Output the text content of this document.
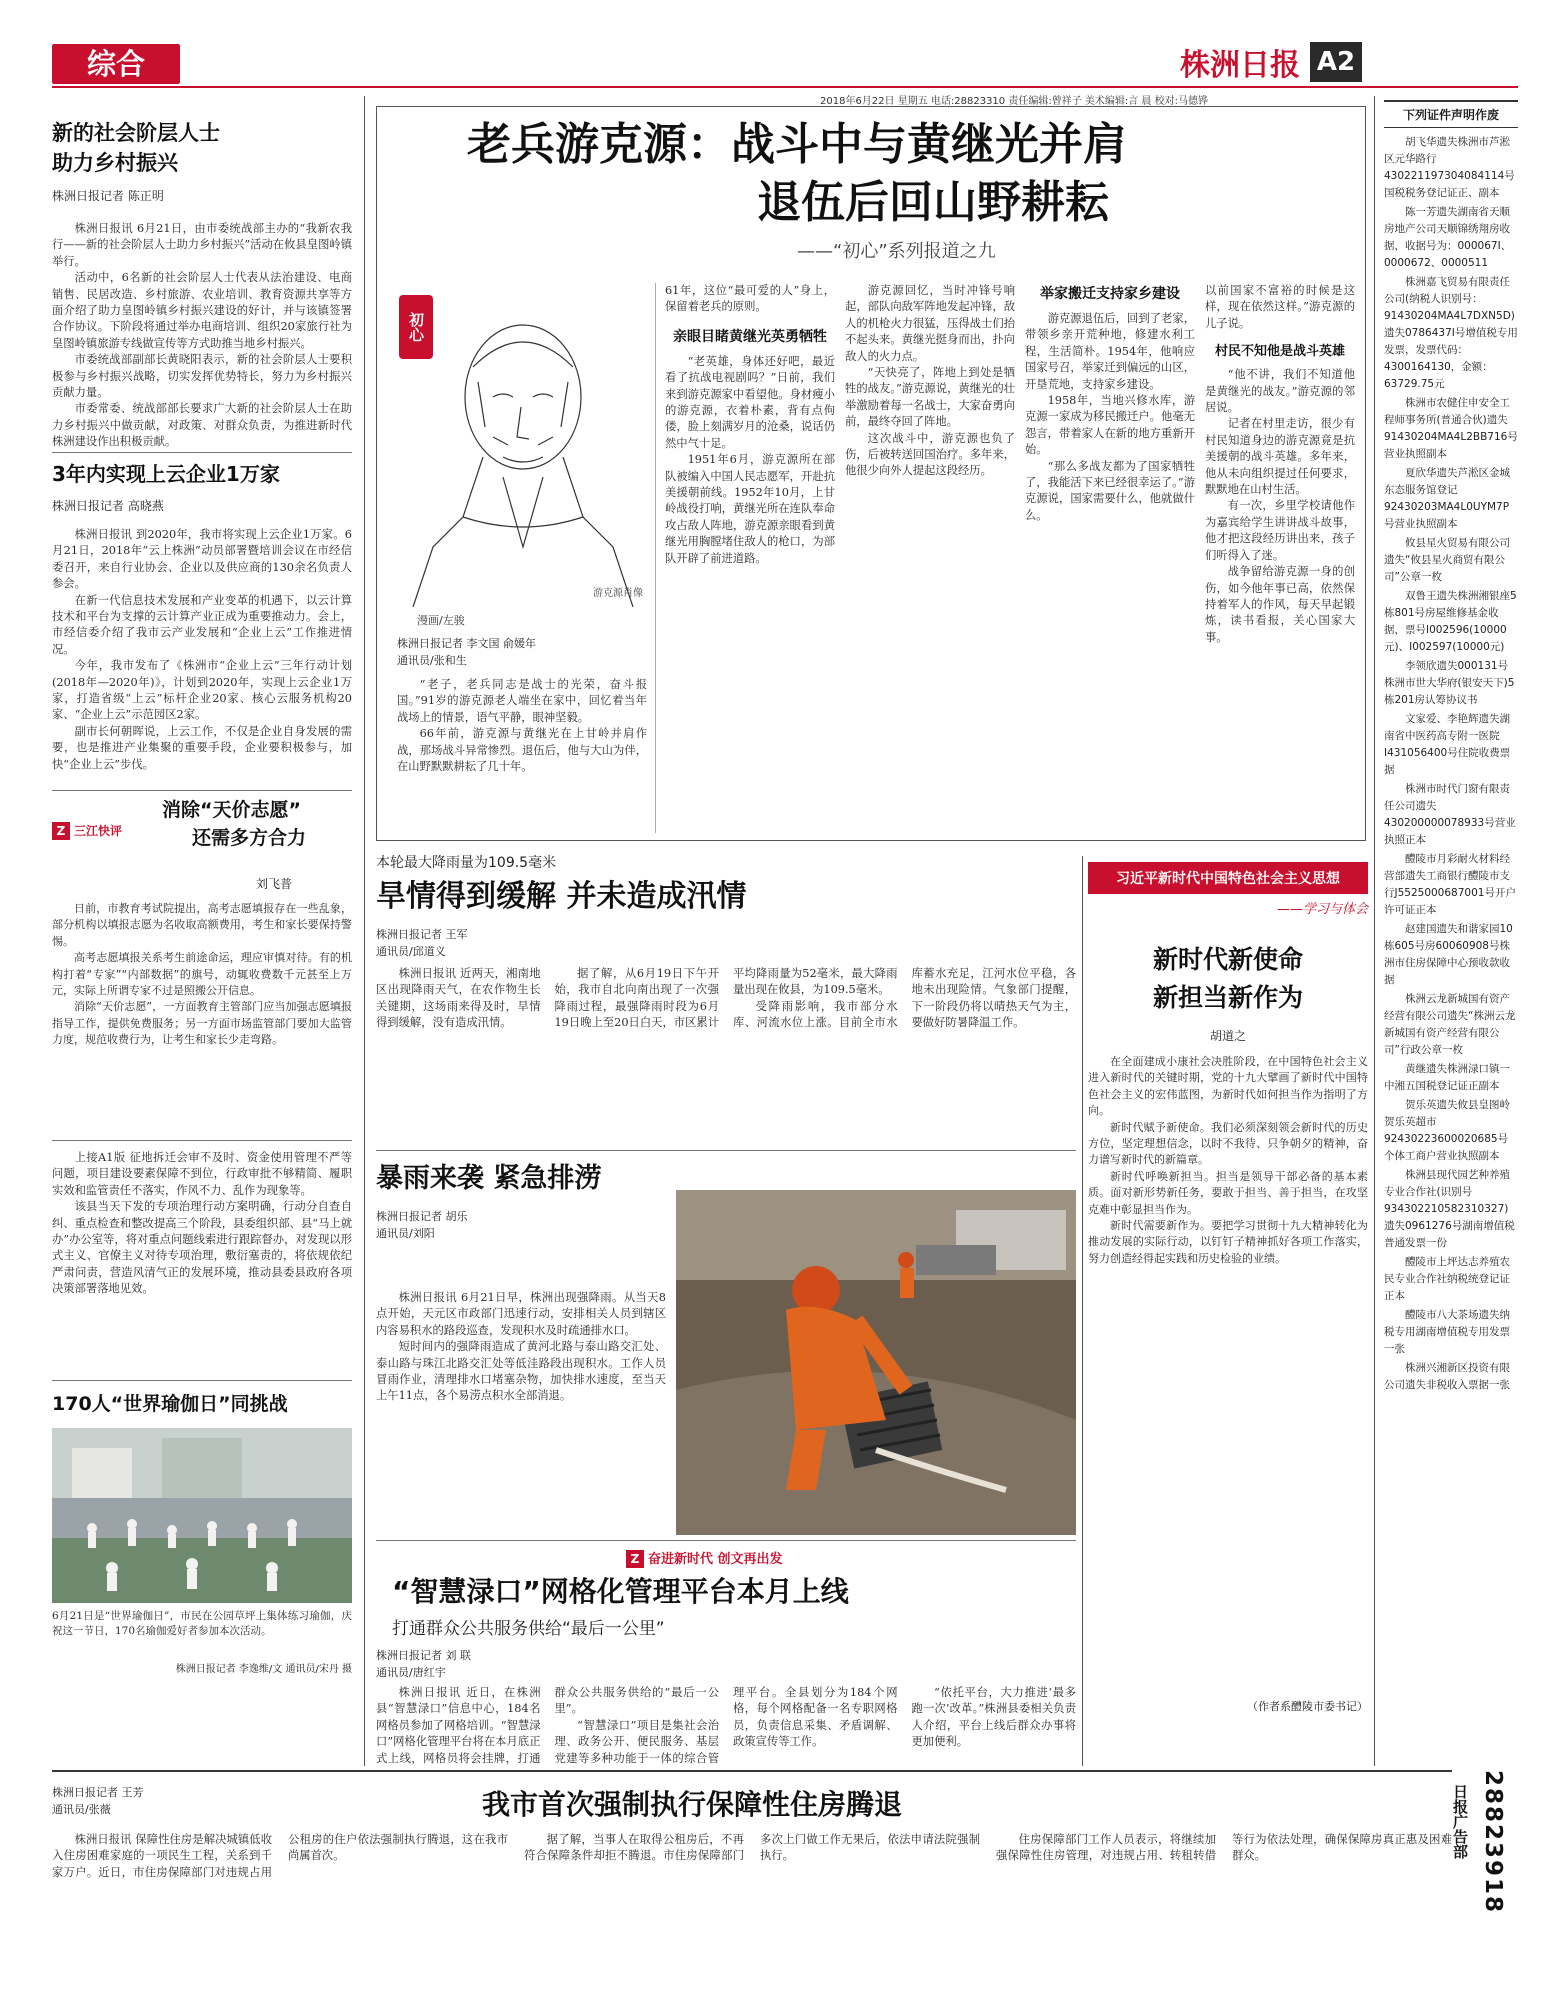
综合	株洲日报 A2
2018年6月22日 星期五 电话:28823310 责任编辑:曾祥子 美术编辑:言 晨 校对:马德铧
新的社会阶层人士
助力乡村振兴
株洲日报记者 陈正明

株洲日报讯 6月21日，由市委统战部主办的“我新农我行——新的社会阶层人士助力乡村振兴”活动在攸县皇图岭镇举行。

活动中，6名新的社会阶层人士代表从法治建设、电商销售、民居改造、乡村旅游、农业培训、教育资源共享等方面介绍了助力皇图岭镇乡村振兴建设的好计，并与该镇签署合作协议。下阶段将通过举办电商培训、组织20家旅行社为皇图岭镇旅游专线做宣传等方式助推当地乡村振兴。

市委统战部副部长黄晓阳表示，新的社会阶层人士要积极参与乡村振兴战略，切实发挥优势特长，努力为乡村振兴贡献力量。

市委常委、统战部部长要求广大新的社会阶层人士在助力乡村振兴中做贡献，对政策、对群众负责，为推进新时代株洲建设作出积极贡献。

3年内实现上云企业1万家
株洲日报记者 高晓燕

株洲日报讯 到2020年，我市将实现上云企业1万家。6月21日，2018年“云上株洲”动员部署暨培训会议在市经信委召开，来自行业协会、企业以及供应商的130余名负责人参会。

在新一代信息技术发展和产业变革的机遇下，以云计算技术和平台为支撑的云计算产业正成为重要推动力。会上，市经信委介绍了我市云产业发展和“企业上云”工作推进情况。

今年，我市发布了《株洲市“企业上云”三年行动计划(2018年—2020年)》，计划到2020年，实现上云企业1万家，打造省级“上云”标杆企业20家、核心云服务机构20家、“企业上云”示范园区2家。

副市长何朝晖说，上云工作，不仅是企业自身发展的需要，也是推进产业集聚的重要手段，企业要积极参与，加快“企业上云”步伐。

消除“天价志愿”
还需多方合力
Z 三江快评
刘飞普

日前，市教育考试院提出，高考志愿填报存在一些乱象，部分机构以填报志愿为名收取高额费用，考生和家长要保持警惕。

高考志愿填报关系考生前途命运，理应审慎对待。有的机构打着“专家”“内部数据”的旗号，动辄收费数千元甚至上万元，实际上所谓专家不过是照搬公开信息。

消除“天价志愿”，一方面教育主管部门应当加强志愿填报指导工作，提供免费服务；另一方面市场监管部门要加大监管力度，规范收费行为，让考生和家长少走弯路。

上接A1版 征地拆迁会审不及时、资金使用管理不严等问题，项目建设要素保障不到位，行政审批不够精简、履职实效和监管责任不落实，作风不力、乱作为现象等。

该县当天下发的专项治理行动方案明确，行动分自查自纠、重点检查和整改提高三个阶段，县委组织部、县“马上就办”办公室等，将对重点问题线索进行跟踪督办，对发现以形式主义、官僚主义对待专项治理，敷衍塞责的，将依规依纪严肃问责，营造风清气正的发展环境，推动县委县政府各项决策部署落地见效。

170人“世界瑜伽日”同挑战
6月21日是“世界瑜伽日”，市民在公园草坪上集体练习瑜伽，庆祝这一节日，170名瑜伽爱好者参加本次活动。
株洲日报记者 李逸维/文 通讯员/宋丹 摄
老兵游克源：战斗中与黄继光并肩
退伍后回山野耕耘
——“初心”系列报道之九
初心
游克源肖像
漫画/左骏
株洲日报记者 李文国 俞媛年
通讯员/张和生

“老子，老兵同志是战士的光荣，奋斗报国。”91岁的游克源老人端坐在家中，回忆着当年战场上的情景，语气平静，眼神坚毅。

66年前，游克源与黄继光在上甘岭并肩作战，那场战斗异常惨烈。退伍后，他与大山为伴，在山野默默耕耘了几十年。

61年，这位“最可爱的人”身上，保留着老兵的原则。
亲眼目睹黄继光英勇牺牲

“老英雄，身体还好吧，最近看了抗战电视剧吗？”日前，我们来到游克源家中看望他。身材瘦小的游克源，衣着朴素，背有点佝偻，脸上刻满岁月的沧桑，说话仍然中气十足。

1951年6月，游克源所在部队被编入中国人民志愿军，开赴抗美援朝前线。1952年10月，上甘岭战役打响，黄继光所在连队奉命攻占敌人阵地，游克源亲眼看到黄继光用胸膛堵住敌人的枪口，为部队开辟了前进道路。

游克源回忆，当时冲锋号响起，部队向敌军阵地发起冲锋，敌人的机枪火力很猛，压得战士们抬不起头来。黄继光挺身而出，扑向敌人的火力点。

“天快亮了，阵地上到处是牺牲的战友。”游克源说，黄继光的壮举激励着每一名战士，大家奋勇向前，最终夺回了阵地。

这次战斗中，游克源也负了伤，后被转送回国治疗。多年来，他很少向外人提起这段经历。

举家搬迁支持家乡建设

游克源退伍后，回到了老家，带领乡亲开荒种地，修建水利工程，生活简朴。1954年，他响应国家号召，举家迁到偏远的山区，开垦荒地，支持家乡建设。

1958年，当地兴修水库，游克源一家成为移民搬迁户。他毫无怨言，带着家人在新的地方重新开始。

“那么多战友都为了国家牺牲了，我能活下来已经很幸运了。”游克源说，国家需要什么，他就做什么。

以前国家不富裕的时候是这样，现在依然这样。”游克源的儿子说。
村民不知他是战斗英雄

“他不讲，我们不知道他是黄继光的战友。”游克源的邻居说。

记者在村里走访，很少有村民知道身边的游克源竟是抗美援朝的战斗英雄。多年来，他从未向组织提过任何要求，默默地在山村生活。

有一次，乡里学校请他作为嘉宾给学生讲讲战斗故事，他才把这段经历讲出来，孩子们听得入了迷。

战争留给游克源一身的创伤，如今他年事已高，依然保持着军人的作风，每天早起锻炼，读书看报，关心国家大事。

本轮最大降雨量为109.5毫米
旱情得到缓解 并未造成汛情
株洲日报记者 王军
通讯员/邱道义

株洲日报讯 近两天，湘南地区出现降雨天气，在农作物生长关键期，这场雨来得及时，旱情得到缓解，没有造成汛情。

据了解，从6月19日下午开始，我市自北向南出现了一次强降雨过程，最强降雨时段为6月19日晚上至20日白天，市区累计平均降雨量为52毫米，最大降雨量出现在攸县，为109.5毫米。

受降雨影响，我市部分水库、河流水位上涨。目前全市水库蓄水充足，江河水位平稳，各地未出现险情。气象部门提醒，下一阶段仍将以晴热天气为主，要做好防暑降温工作。

暴雨来袭 紧急排涝
株洲日报记者 胡乐
通讯员/刘阳

株洲日报讯 6月21日早，株洲出现强降雨。从当天8点开始，天元区市政部门迅速行动，安排相关人员到辖区内容易积水的路段巡查，发现积水及时疏通排水口。

短时间内的强降雨造成了黄河北路与泰山路交汇处、泰山路与珠江北路交汇处等低洼路段出现积水。工作人员冒雨作业，清理排水口堵塞杂物，加快排水速度，至当天上午11点，各个易涝点积水全部消退。

Z 奋进新时代 创文再出发
“智慧渌口”网格化管理平台本月上线
打通群众公共服务供给“最后一公里”
株洲日报记者 刘 联
通讯员/唐红宇

株洲日报讯 近日，在株洲县“智慧渌口”信息中心，184名网格员参加了网格培训。“智慧渌口”网格化管理平台将在本月底正式上线，网格员将会挂牌，打通群众公共服务供给的“最后一公里”。

“智慧渌口”项目是集社会治理、政务公开、便民服务、基层党建等多种功能于一体的综合管理平台。全县划分为184个网格，每个网格配备一名专职网格员，负责信息采集、矛盾调解、政策宣传等工作。

“依托平台，大力推进‘最多跑一次’改革。”株洲县委相关负责人介绍，平台上线后群众办事将更加便利。

习近平新时代中国特色社会主义思想
——学习与体会
新时代新使命
新担当新作为
胡道之

在全面建成小康社会决胜阶段，在中国特色社会主义进入新时代的关键时期，党的十九大擘画了新时代中国特色社会主义的宏伟蓝图，为新时代如何担当作为指明了方向。

新时代赋予新使命。我们必须深刻领会新时代的历史方位，坚定理想信念，以时不我待、只争朝夕的精神，奋力谱写新时代的新篇章。

新时代呼唤新担当。担当是领导干部必备的基本素质。面对新形势新任务，要敢于担当、善于担当，在攻坚克难中彰显担当作为。

新时代需要新作为。要把学习贯彻十九大精神转化为推动发展的实际行动，以钉钉子精神抓好各项工作落实，努力创造经得起实践和历史检验的业绩。

（作者系醴陵市委书记）
下列证件声明作废
胡飞华遗失株洲市芦淞区元华路行430221197304084114号国税税务登记证正、副本
陈一芳遗失湖南省天顺房地产公司天顺锦绣翔房收据，收据号为：000067I、0000672、0000511
株洲嘉飞贸易有限责任公司(纳税人识别号：91430204MA4L7DXN5D)遗失0786437I号增值税专用发票，发票代码：4300164130，金额：63729.75元
株洲市农健住申安全工程师事务所(普通合伙)遗失91430204MA4L2BB716号营业执照副本
夏欣华遗失芦淞区金城东态服务馆登记92430203MA4L0UYM7P号营业执照副本
攸县星火贸易有限公司遗失“攸县星火商贸有限公司”公章一枚
双鲁王遗失株洲湘银座5栋801号房屋维修基金收据，票号I002596(10000元)、I002597(10000元)
李领欣遗失000131号株洲市世大华府(银安天下)5栋201房认筹协议书
文家爱、李艳辉遗失湖南省中医药高专附一医院I431056400号住院收费票据
株洲市时代门窗有限责任公司遗失430200000078933号营业执照正本
醴陵市月彩耐火材料经营部遗失工商银行醴陵市支行J5525000687001号开户许可证正本
赵建国遗失和谐家园10栋605号房60060908号株洲市住房保障中心预收款收据
株洲云龙新城国有资产经营有限公司遗失“株洲云龙新城国有资产经营有限公司”行政公章一枚
黄继遗失株洲渌口镇一中湘五国税登记证正副本
贺乐英遗失攸县皇图岭贺乐英超市92430223600020685号个体工商户营业执照副本
株洲县现代园艺种养殖专业合作社(识别号934302210582310327)遗失0961276号湖南增值税普通发票一份
醴陵市上坪达志养殖农民专业合作社纳税统登记证正本
醴陵市八大茶场遗失纳税专用湖南增值税专用发票一张
株洲兴湘新区投资有限公司遗失非税收入票据一张
28823918
日报广告部
株洲日报记者 王芳
通讯员/张薇	我市首次强制执行保障性住房腾退

株洲日报讯 保障性住房是解决城镇低收入住房困难家庭的一项民生工程，关系到千家万户。近日，市住房保障部门对违规占用公租房的住户依法强制执行腾退，这在我市尚属首次。

据了解，当事人在取得公租房后，不再符合保障条件却拒不腾退。市住房保障部门多次上门做工作无果后，依法申请法院强制执行。

住房保障部门工作人员表示，将继续加强保障性住房管理，对违规占用、转租转借等行为依法处理，确保保障房真正惠及困难群众。
